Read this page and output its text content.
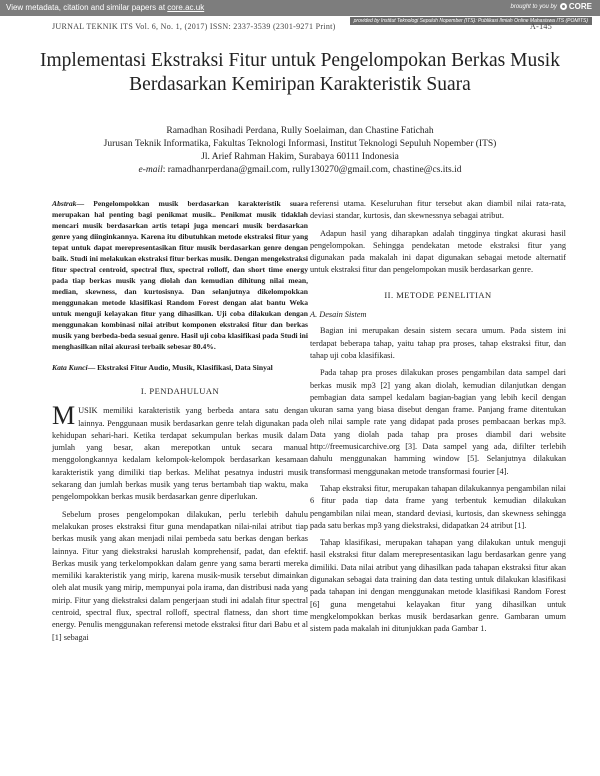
View metadata, citation and similar papers at core.ac.uk	brought to you by CORE
provided by Institut Teknologi Sepuluh Nopember (ITS): Publikasi Ilmiah Online Mahasiswa ITS (POMITS)
JURNAL TEKNIK ITS Vol. 6, No. 1, (2017) ISSN: 2337-3539 (2301-9271 Print)	A-145
Implementasi Ekstraksi Fitur untuk Pengelompokan Berkas Musik Berdasarkan Kemiripan Karakteristik Suara
Ramadhan Rosihadi Perdana, Rully Soelaiman, dan Chastine Fatichah
Jurusan Teknik Informatika, Fakultas Teknologi Informasi, Institut Teknologi Sepuluh Nopember (ITS)
Jl. Arief Rahman Hakim, Surabaya 60111 Indonesia
e-mail: ramadhanrperdana@gmail.com, rully130270@gmail.com, chastine@cs.its.id

Abstrak— Pengelompokkan musik berdasarkan karakteristik suara merupakan hal penting bagi penikmat musik.. Penikmat musik tidaklah mencari musik berdasarkan artis tetapi juga mencari musik berdasarkan genre yang diinginkannya. Karena itu dibutuhkan metode ekstraksi fitur yang tepat untuk dapat merepresentasikan fitur musik berdasarkan genre dengan baik. Studi ini melakukan ekstraksi fitur berkas musik. Dengan mengekstraksi fitur spectral centroid, spectral flux, spectral rolloff, dan short time energy pada tiap berkas musik yang diolah dan kemudian dihitung nilai mean, median, skewness, dan kurtosisnya. Dan selanjutnya dikelompokkan menggunakan metode klasifikasi Random Forest dengan alat bantu Weka untuk menguji kelayakan fitur yang dihasilkan. Uji coba dilakukan dengan menggunakan kombinasi nilai atribut komponen ekstraksi fitur dan berkas musik yang berbeda-beda sesuai genre. Hasil uji coba klasifikasi pada Studi ini menghasilkan nilai akurasi terbaik sebesar 80.4%.

Kata Kunci— Ekstraksi Fitur Audio, Musik, Klasifikasi, Data Sinyal

I. PENDAHULUAN

MUSIK memiliki karakteristik yang berbeda antara satu dengan lainnya. Penggunaan musik berdasarkan genre telah digunakan pada kehidupan sehari-hari. Ketika terdapat sekumpulan berkas musik dalam jumlah yang besar, akan merepotkan untuk secara manual menggolongkannya kedalam kelompok-kelompok berdasarkan kesamaan karakteristik yang dimiliki tiap berkas. Melihat pesatnya industri musik sekarang dan jumlah berkas musik yang terus bertambah tiap waktu, maka pengelompokkan berkas musik berdasarkan genre diperlukan.

Sebelum proses pengelompokan dilakukan, perlu terlebih dahulu melakukan proses ekstraksi fitur guna mendapatkan nilai-nilai atribut tiap berkas musik yang akan menjadi nilai pembeda satu berkas dengan berkas lainnya. Fitur yang diekstraksi haruslah komprehensif, padat, dan efektif. Berkas musik yang terkelompokkan dalam genre yang sama berarti mereka memiliki karakteristik yang mirip, karena musik-musik tersebut dimainkan oleh alat musik yang mirip, mempunyai pola irama, dan distribusi nada yang mirip. Fitur yang diekstraksi dalam pengerjaan studi ini adalah fitur spectral centroid, spectral flux, spectral rolloff, spectral flatness, dan short time energy. Penulis menggunakan referensi metode ekstraksi fitur dari Babu et al [1] sebagai

referensi utama. Keseluruhan fitur tersebut akan diambil nilai rata-rata, deviasi standar, kurtosis, dan skewnessnya sebagai atribut.

Adapun hasil yang diharapkan adalah tingginya tingkat akurasi hasil pengelompokan. Sehingga pendekatan metode ekstraksi fitur yang digunakan pada makalah ini dapat digunakan sebagai metode alternatif untuk ekstraksi fitur dan pengelompokan musik berdasarkan genre.

II. METODE PENELITIAN
A. Desain Sistem

Bagian ini merupakan desain sistem secara umum. Pada sistem ini terdapat beberapa tahap, yaitu tahap pra proses, tahap ekstraksi fitur, dan tahap uji coba klasifikasi.

Pada tahap pra proses dilakukan proses pengambilan data sampel dari berkas musik mp3 [2] yang akan diolah, kemudian dilanjutkan dengan pembagian data sampel kedalam bagian-bagian yang lebih kecil dengan ukuran sama yang biasa disebut dengan frame. Panjang frame ditentukan oleh nilai sample rate yang didapat pada proses pembacaan berkas mp3. Data yang diolah pada tahap pra proses diambil dari website http://freemusicarchive.org [3]. Data sampel yang ada, difilter terlebih dahulu menggunakan hamming window [5]. Selanjutnya dilakukan transformasi menggunakan metode transformasi fourier [4].

Tahap ekstraksi fitur, merupakan tahapan dilakukannya pengambilan nilai 6 fitur pada tiap data frame yang terbentuk kemudian dilakukan pengambilan nilai mean, standard deviasi, kurtosis, dan skewness sehingga pada satu berkas mp3 yang diekstraksi, didapatkan 24 atribut [1].

Tahap klasifikasi, merupakan tahapan yang dilakukan untuk menguji hasil ekstraksi fitur dalam merepresentasikan lagu berdasarkan genre yang dimiliki. Data nilai atribut yang dihasilkan pada tahapan ekstraksi fitur akan digunakan sebagai data training dan data testing untuk dilakukan klasifikasi pada tahapan ini dengan menggunakan metode klasifikasi Random Forest [6] guna mengetahui kelayakan fitur yang dihasilkan untuk mengkelompokkan berkas musik berdasarkan genre. Gambaran umum sistem pada makalah ini ditunjukkan pada Gambar 1.
